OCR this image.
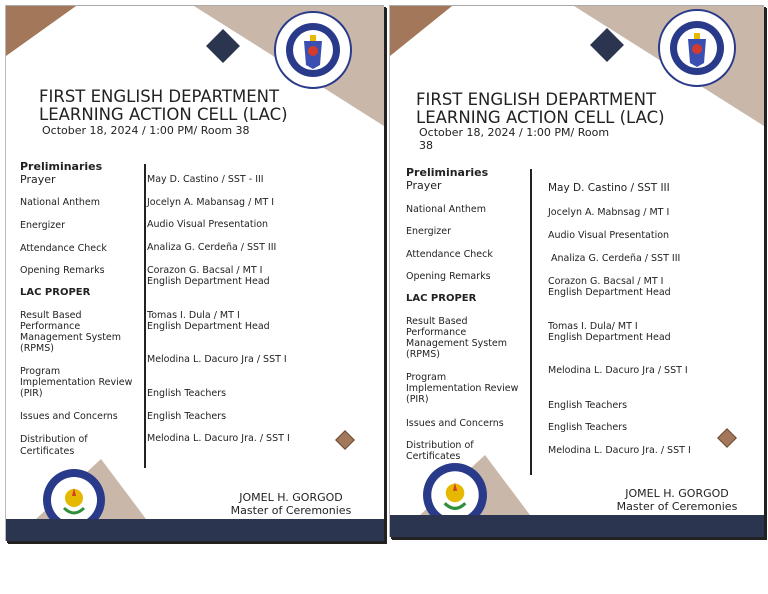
FIRST ENGLISH DEPARTMENT
LEARNING ACTION CELL (LAC)
October 18, 2024 / 1:00 PM/ Room 38
Preliminaries
Prayer
National Anthem
Energizer
Attendance Check
Opening Remarks
LAC PROPER
Result Based
Performance
Management System
(RPMS)
Program
Implementation Review
(PIR)
Issues and Concerns
Distribution of
Certificates
May D. Castino / SST - III
Jocelyn A. Mabansag / MT I
Audio Visual Presentation
Analiza G. Cerdeña / SST III
Corazon G. Bacsal / MT I
English Department Head
Tomas I. Dula / MT I
English Department Head
Melodina L. Dacuro Jra / SST I
English Teachers
English Teachers
Melodina L. Dacuro Jra. / SST I
JOMEL H. GORGOD
Master of Ceremonies
FIRST ENGLISH DEPARTMENT
LEARNING ACTION CELL (LAC)
October 18, 2024 / 1:00 PM/ Room
38
Preliminaries
Prayer
National Anthem
Energizer
Attendance Check
Opening Remarks
LAC PROPER
Result Based
Performance
Management System
(RPMS)
Program
Implementation Review
(PIR)
Issues and Concerns
Distribution of
Certificates
May D. Castino / SST III
Jocelyn A. Mabnsag / MT I
Audio Visual Presentation
Analiza G. Cerdeña / SST III
Corazon G. Bacsal / MT I
English Department Head
Tomas I. Dula/ MT I
English Department Head
Melodina L. Dacuro Jra / SST I
English Teachers
English Teachers
Melodina L. Dacuro Jra. / SST I
JOMEL H. GORGOD
Master of Ceremonies
